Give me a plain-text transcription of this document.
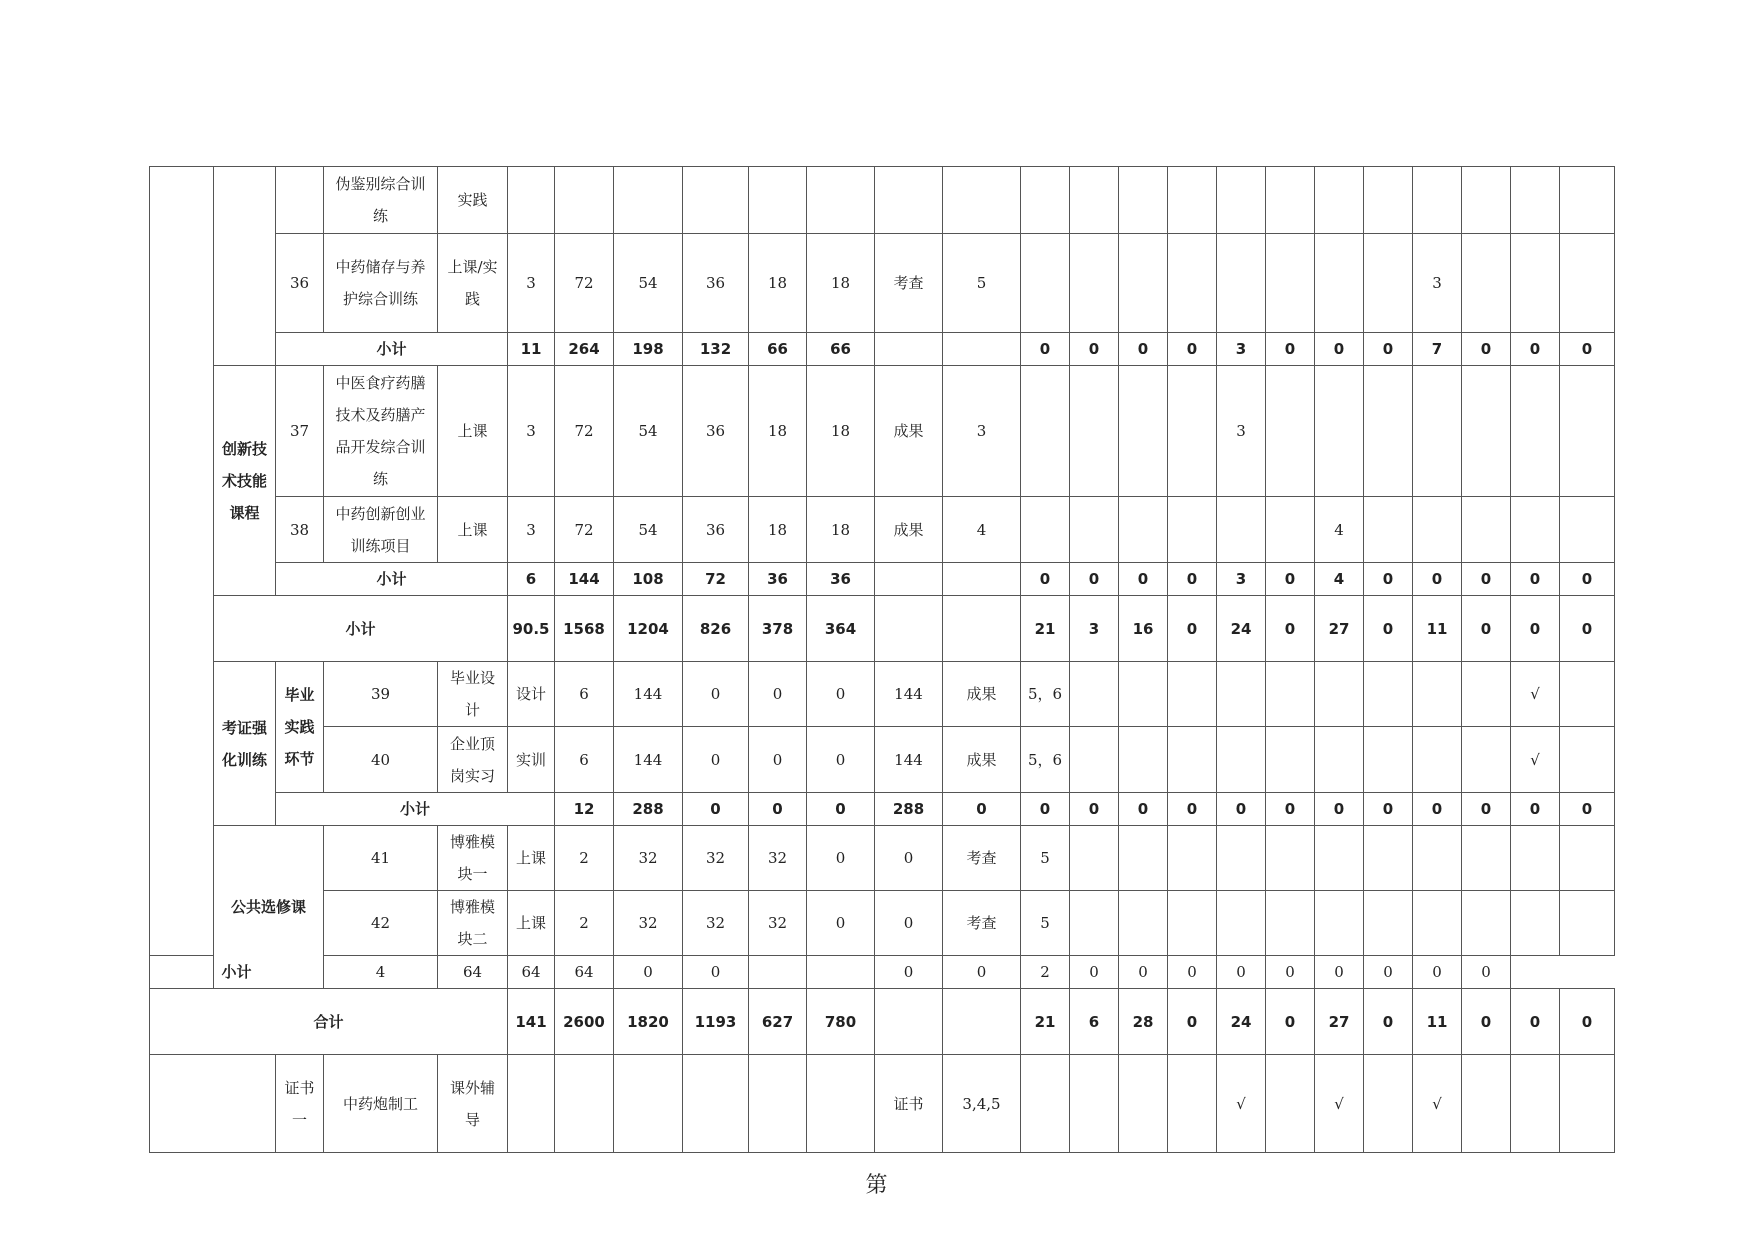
			伪鉴别综合训练	实践																					
		36	中药储存与养护综合训练	上课/实践	3	72	54	36	18	18	考查	5									3				
		小计			11	264	198	132	66	66			0	0	0	0	3	0	0	0	7	0	0	0	
	创新技术技能课程	37	中医食疗药膳技术及药膳产品开发综合训练	上课	3	72	54	36	18	18	成果	3					3								
		38	中药创新创业训练项目	上课	3	72	54	36	18	18	成果	4							4						
		小计			6	144	108	72	36	36			0	0	0	0	3	0	4	0	0	0	0	0	
	小计				90.5	1568	1204	826	378	364			21	3	16	0	24	0	27	0	11	0	0	0	
	考证强化训练	毕业实践环节	39	毕业设计	设计	6	144	0	0	0	144	成果	5，6										√		
			40	企业顶岗实习	实训	6	144	0	0	0	144	成果	5，6										√		
		小计				12	288	0	0	0	288	0	0	0	0	0	0	0	0	0	0	0	0	0	
	公共选修课		41	博雅模块一	上课	2	32	32	32	0	0	考查	5												
			42	博雅模块二	上课	2	32	32	32	0	0	考查	5												
小计			4	64	64	64	0	0			0	0	2	0	0	0	0	0	0	0	0	0			
合计					141	2600	1820	1193	627	780			21	6	28	0	24	0	27	0	11	0	0	0	
		证书一	中药炮制工	课外辅导							证书	3,4,5					√		√		√				
第
